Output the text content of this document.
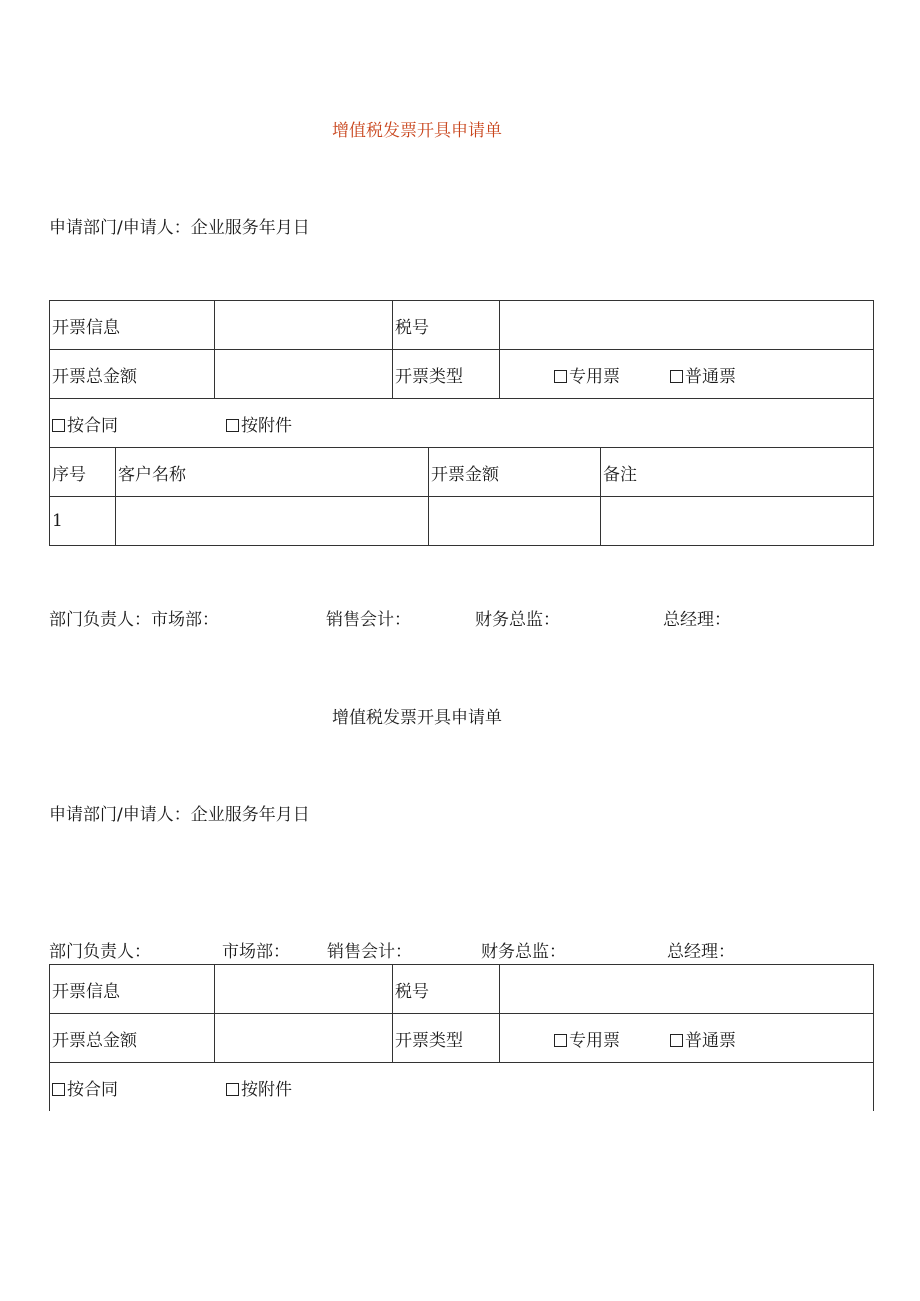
增值税发票开具申请单
申请部门/申请人：企业服务年月日
开票信息		税号	
开票总金额		开票类型	专用票 普通票
按合同 按附件			
序号	客户名称	开票金额	备注
1			
部门负责人：市场部：	销售会计：	财务总监：	总经理：
增值税发票开具申请单
申请部门/申请人：企业服务年月日
部门负责人：	市场部： 销售会计：	财务总监：	总经理：
开票信息		税号	
开票总金额		开票类型	专用票 普通票
按合同 按附件			
